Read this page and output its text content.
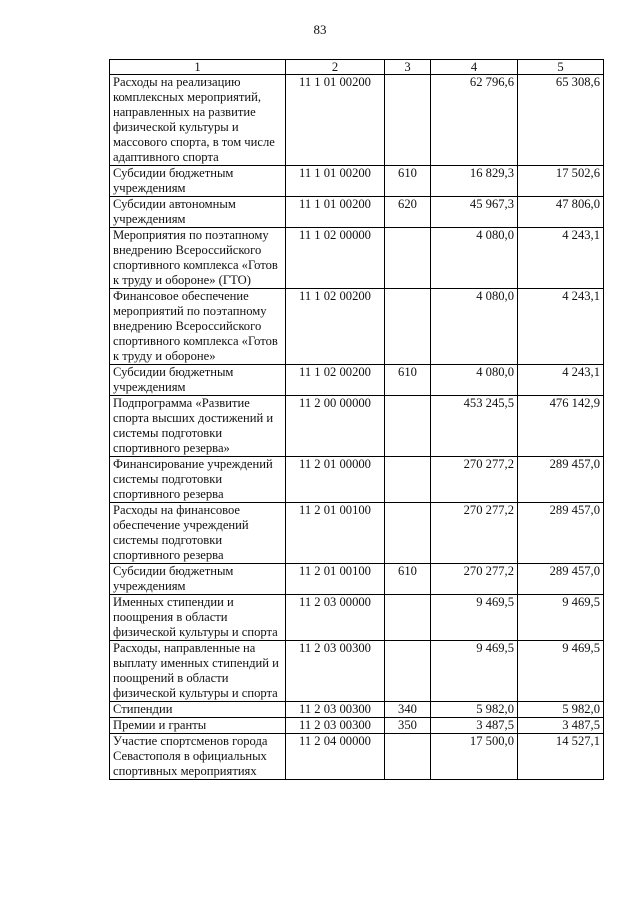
83
1	2	3	4	5
Расходы на реализацию комплексных мероприятий, направленных на развитие физической культуры и массового спорта, в том числе адаптивного спорта	11 1 01 00200		62 796,6	65 308,6
Субсидии бюджетным учреждениям	11 1 01 00200	610	16 829,3	17 502,6
Субсидии автономным учреждениям	11 1 01 00200	620	45 967,3	47 806,0
Мероприятия по поэтапному внедрению Всероссийского спортивного комплекса «Готов к труду и обороне» (ГТО)	11 1 02 00000		4 080,0	4 243,1
Финансовое обеспечение мероприятий по поэтапному внедрению Всероссийского спортивного комплекса «Готов к труду и обороне»	11 1 02 00200		4 080,0	4 243,1
Субсидии бюджетным учреждениям	11 1 02 00200	610	4 080,0	4 243,1
Подпрограмма «Развитие спорта высших достижений и системы подготовки спортивного резерва»	11 2 00 00000		453 245,5	476 142,9
Финансирование учреждений системы подготовки спортивного резерва	11 2 01 00000		270 277,2	289 457,0
Расходы на финансовое обеспечение учреждений системы подготовки спортивного резерва	11 2 01 00100		270 277,2	289 457,0
Субсидии бюджетным учреждениям	11 2 01 00100	610	270 277,2	289 457,0
Именных стипендии и поощрения в области физической культуры и спорта	11 2 03 00000		9 469,5	9 469,5
Расходы, направленные на выплату именных стипендий и поощрений в области физической культуры и спорта	11 2 03 00300		9 469,5	9 469,5
Стипендии	11 2 03 00300	340	5 982,0	5 982,0
Премии и гранты	11 2 03 00300	350	3 487,5	3 487,5
Участие спортсменов города Севастополя в официальных спортивных мероприятиях	11 2 04 00000		17 500,0	14 527,1
